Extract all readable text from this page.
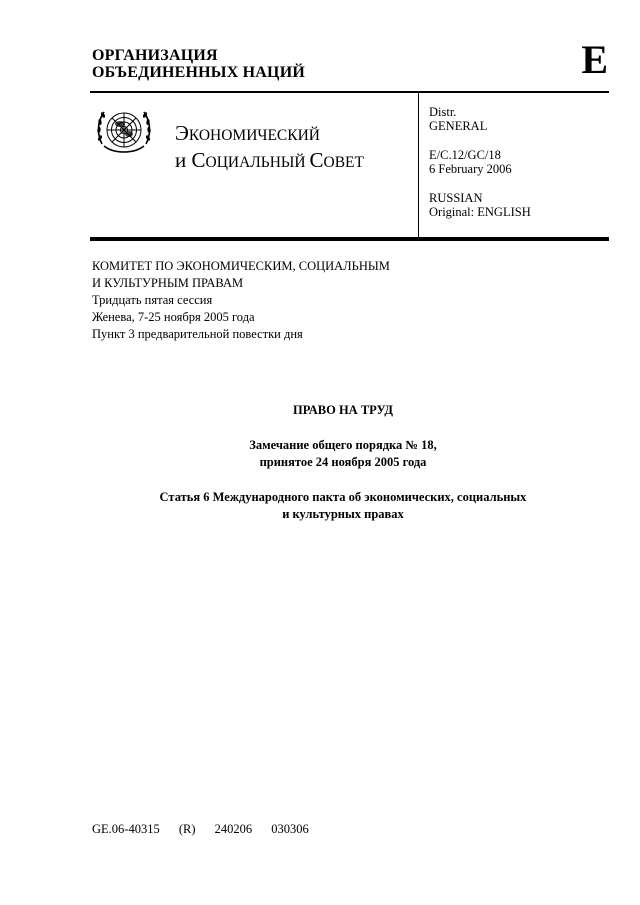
ОРГАНИЗАЦИЯ
ОБЪЕДИНЕННЫХ НАЦИЙ	E
ЭКОНОМИЧЕСКИЙ
и СОЦИАЛЬНЫЙ СОВЕТ
Distr.
GENERAL
E/C.12/GC/18
6 February 2006
RUSSIAN
Original: ENGLISH
КОМИТЕТ ПО ЭКОНОМИЧЕСКИМ, СОЦИАЛЬНЫМ
И КУЛЬТУРНЫМ ПРАВАМ
Тридцать пятая сессия
Женева, 7-25 ноября 2005 года
Пункт 3 предварительной повестки дня
ПРАВО НА ТРУД
Замечание общего порядка № 18,
принятое 24 ноября 2005 года
Статья 6 Международного пакта об экономических, социальных
и культурных правах
GE.06-40315 (R) 240206 030306
